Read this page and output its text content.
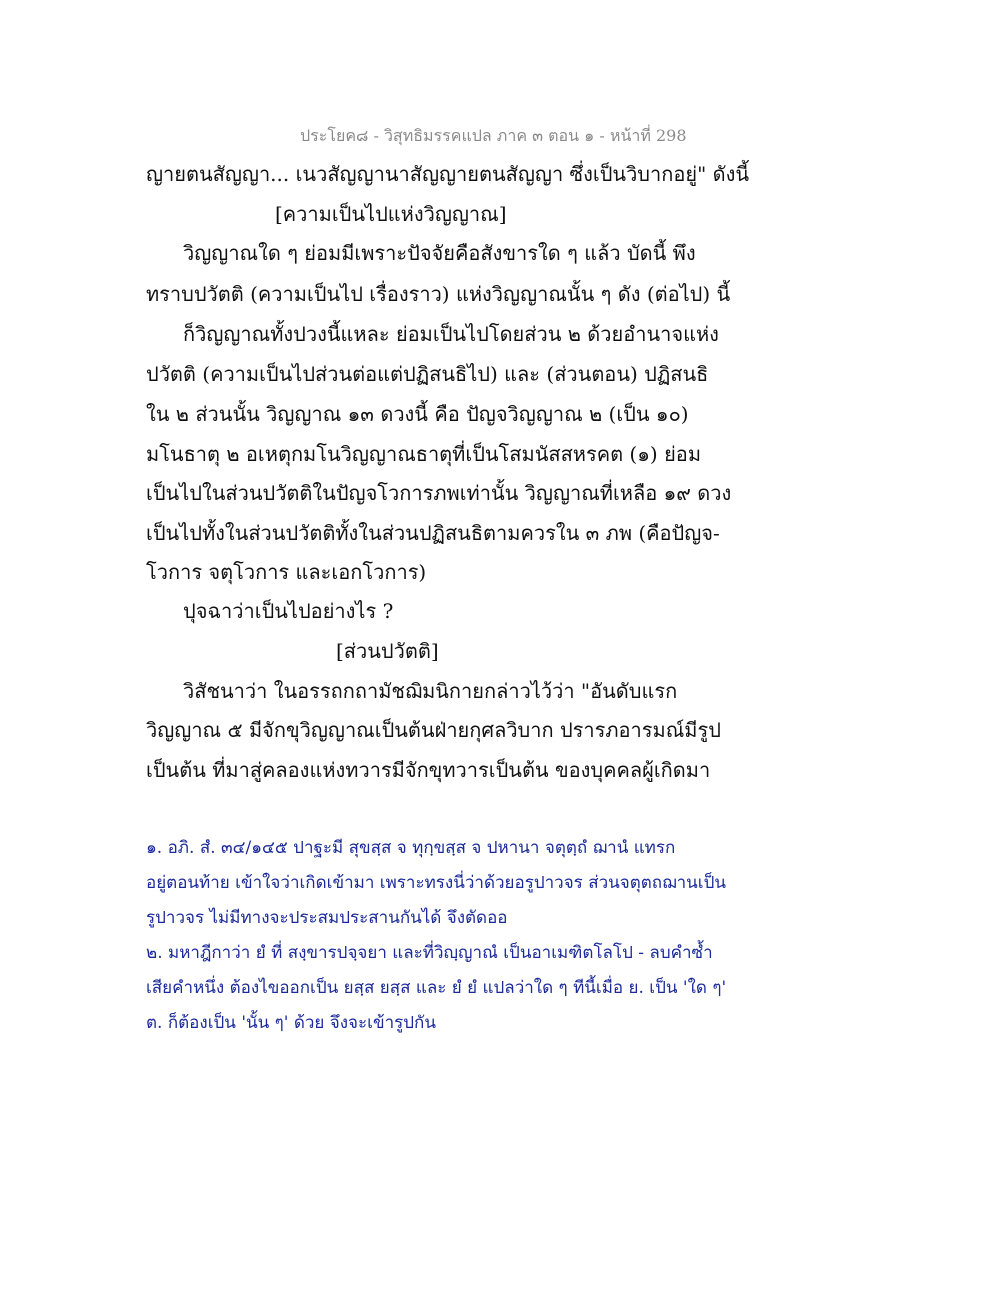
ประโยค๘ - วิสุทธิมรรคแปล ภาค ๓ ตอน ๑ - หน้าที่ 298
ญายตนสัญญา... เนวสัญญานาสัญญายตนสัญญา ซึ่งเป็นวิบากอยู่" ดังนี้
[ความเป็นไปแห่งวิญญาณ]
วิญญาณใด ๆ ย่อมมีเพราะปัจจัยคือสังขารใด ๆ แล้ว บัดนี้ พึง
ทราบปวัตติ (ความเป็นไป เรื่องราว) แห่งวิญญาณนั้น ๆ ดัง (ต่อไป) นี้
ก็วิญญาณทั้งปวงนี้แหละ ย่อมเป็นไปโดยส่วน ๒ ด้วยอำนาจแห่ง
ปวัตติ (ความเป็นไปส่วนต่อแต่ปฏิสนธิไป) และ (ส่วนตอน) ปฏิสนธิ
ใน ๒ ส่วนนั้น วิญญาณ ๑๓ ดวงนี้ คือ ปัญจวิญญาณ ๒ (เป็น ๑๐)
มโนธาตุ ๒ อเหตุกมโนวิญญาณธาตุที่เป็นโสมนัสสหรคต (๑) ย่อม
เป็นไปในส่วนปวัตติในปัญจโวการภพเท่านั้น วิญญาณที่เหลือ ๑๙ ดวง
เป็นไปทั้งในส่วนปวัตติทั้งในส่วนปฏิสนธิตามควรใน ๓ ภพ (คือปัญจ-
โวการ จตุโวการ และเอกโวการ)
ปุจฉาว่าเป็นไปอย่างไร ?
[ส่วนปวัตติ]
วิสัชนาว่า ในอรรถกถามัชฌิมนิกายกล่าวไว้ว่า "อันดับแรก
วิญญาณ ๕ มีจักขุวิญญาณเป็นต้นฝ่ายกุศลวิบาก ปรารภอารมณ์มีรูป
เป็นต้น ที่มาสู่คลองแห่งทวารมีจักขุทวารเป็นต้น ของบุคคลผู้เกิดมา
๑. อภิ. สํ. ๓๔/๑๔๕ ปาฐะมี สุขสฺส จ ทุกฺขสฺส จ ปหานา จตุตฺถํ ฌานํ แทรก
อยู่ตอนท้าย เข้าใจว่าเกิดเข้ามา เพราะทรงนี่ว่าด้วยอรูปาวจร ส่วนจตุตถฌานเป็น
รูปาวจร ไม่มีทางจะประสมประสานกันได้ จึงตัดออ
๒. มหาฎีกาว่า ยํ ที่ สงฺขารปจฺจยา และที่วิญฺญาณํ เป็นอาเมฑิตโลโป - ลบคำซ้ำ
เสียคำหนึ่ง ต้องไขออกเป็น ยสฺส ยสฺส และ ยํ ยํ แปลว่าใด ๆ ทีนี้เมื่อ ย. เป็น 'ใด ๆ'
ต. ก็ต้องเป็น 'นั้น ๆ' ด้วย จึงจะเข้ารูปกัน
